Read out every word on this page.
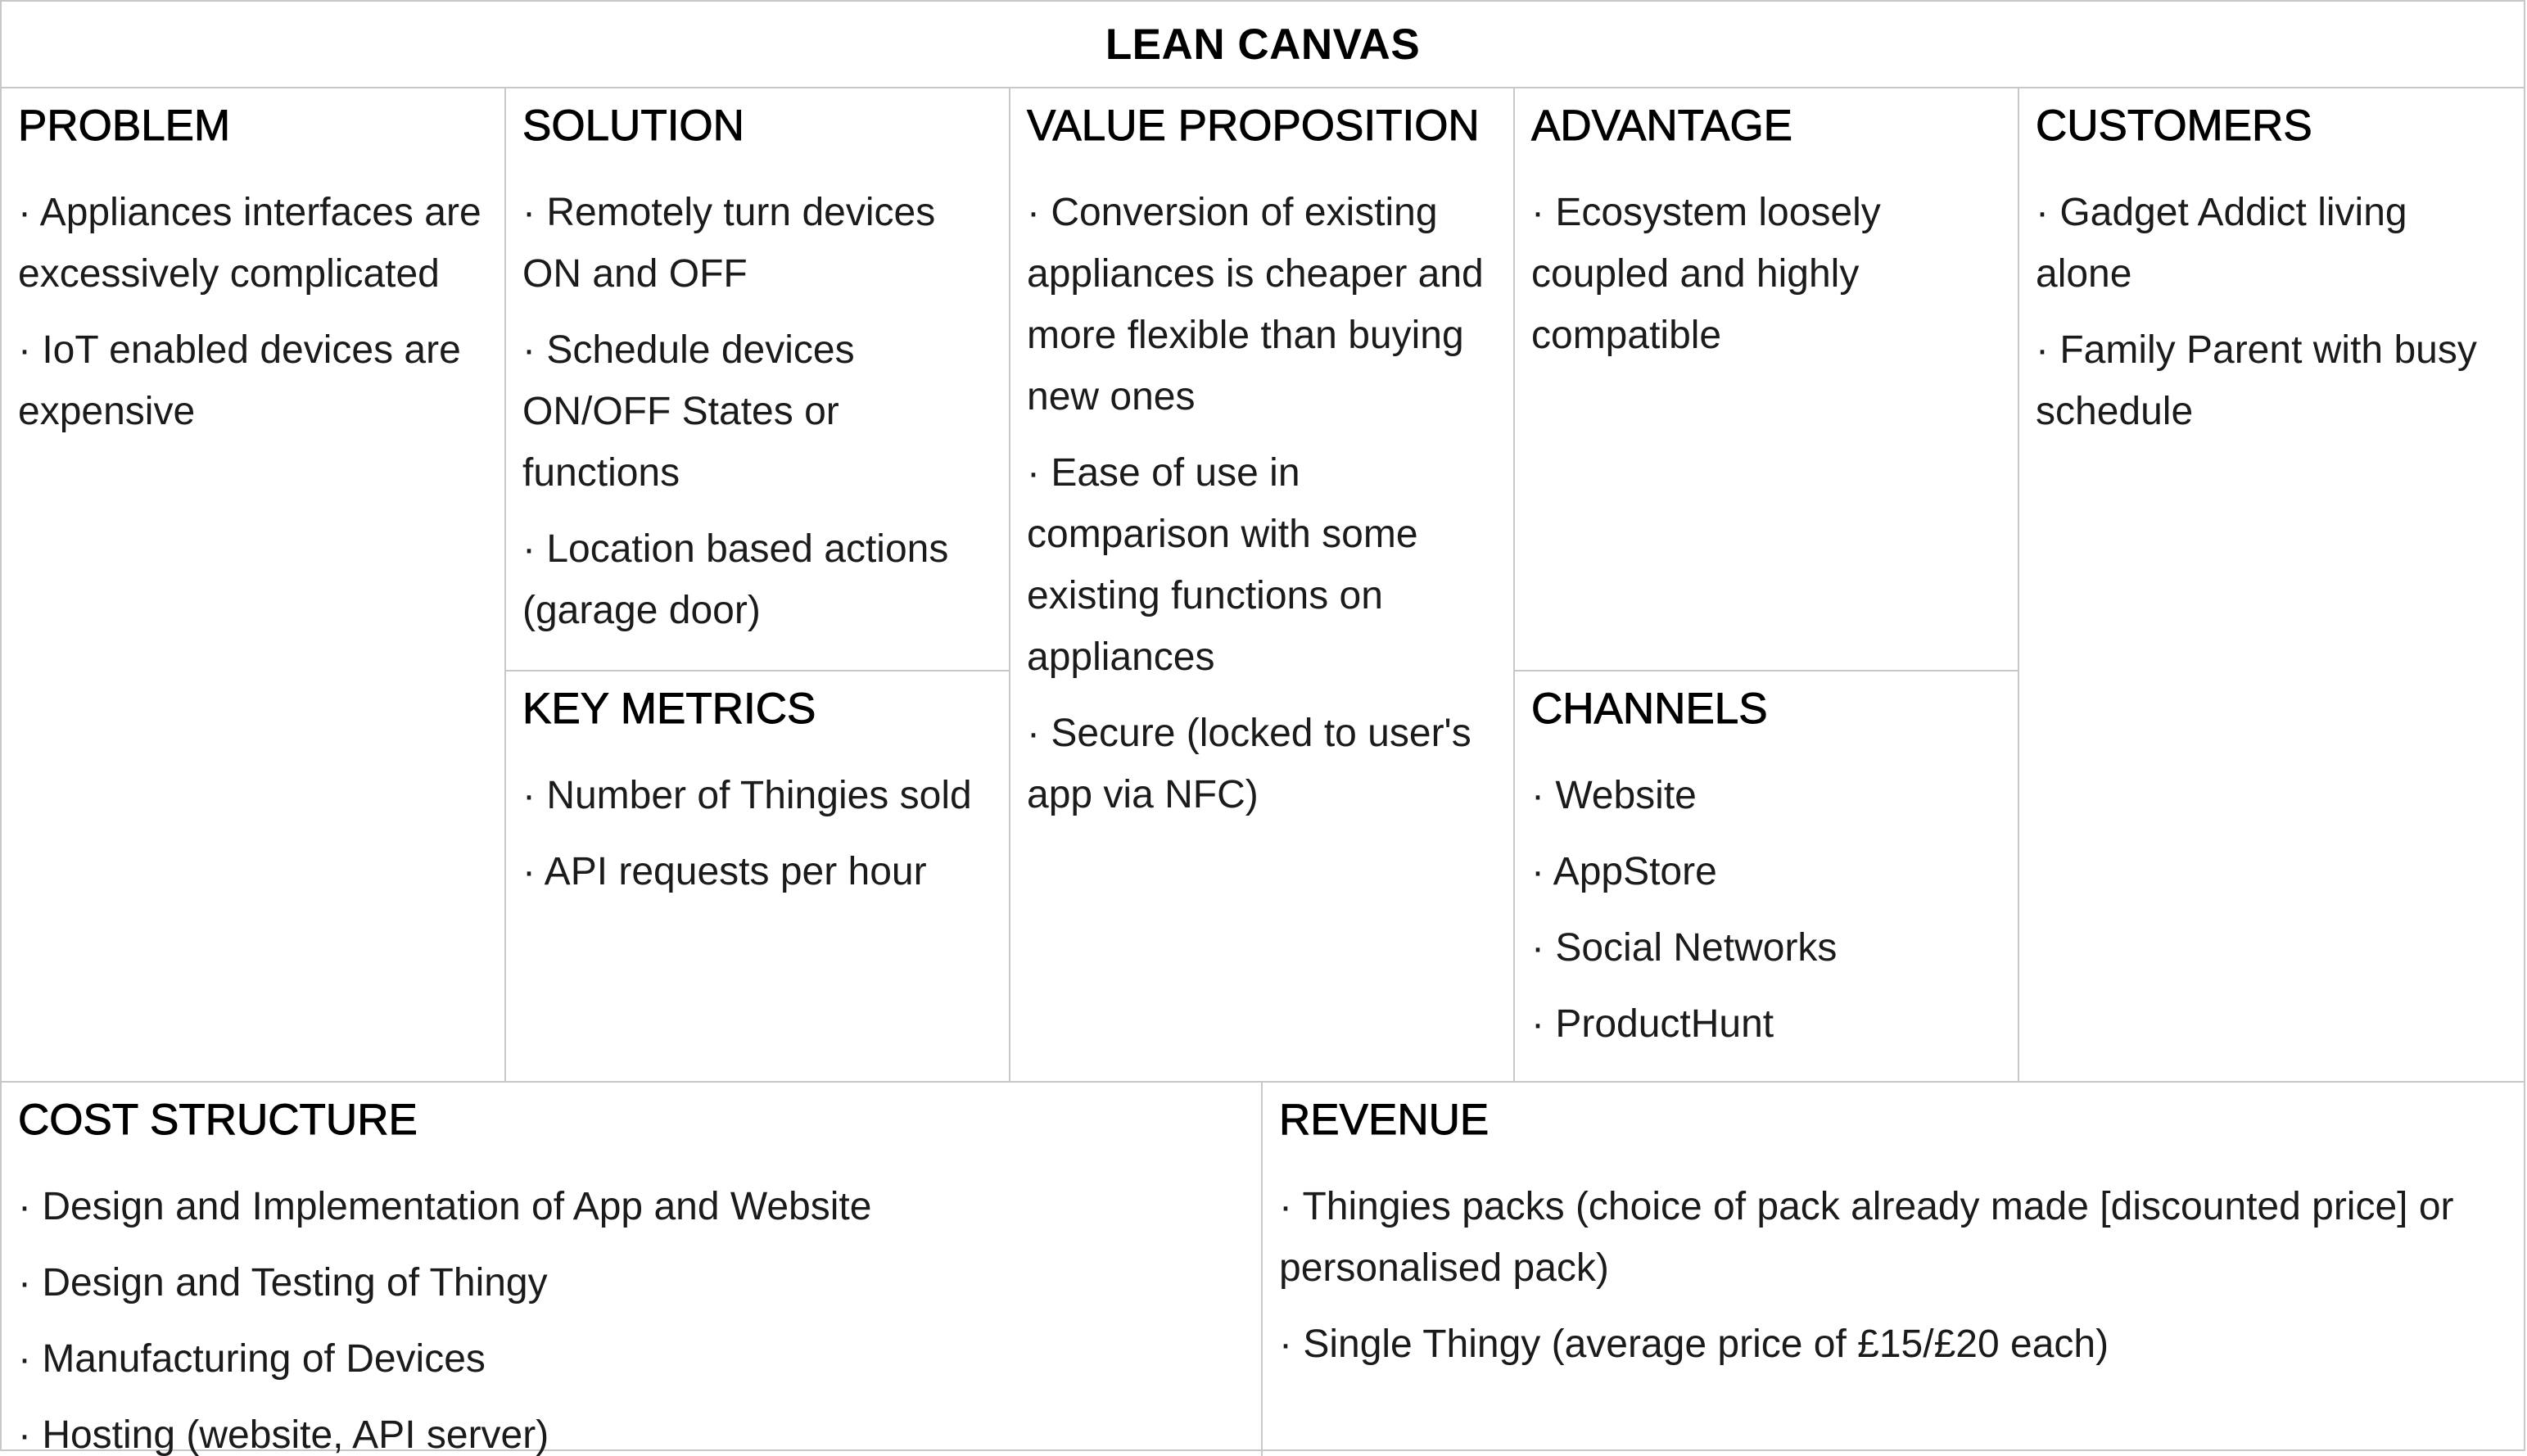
LEAN CANVAS
PROBLEM
· Appliances interfaces are excessively complicated
· IoT enabled devices are expensive
SOLUTION
· Remotely turn devices ON and OFF
· Schedule devices ON/OFF States or functions
· Location based actions (garage door)
KEY METRICS
· Number of Thingies sold
· API requests per hour
VALUE PROPOSITION
· Conversion of existing appliances is cheaper and more flexible than buying new ones
· Ease of use in comparison with some existing functions on appliances
· Secure (locked to user's app via NFC)
ADVANTAGE
· Ecosystem loosely coupled and highly compatible
CHANNELS
· Website
· AppStore
· Social Networks
· ProductHunt
CUSTOMERS
· Gadget Addict living alone
· Family Parent with busy schedule
COST STRUCTURE
· Design and Implementation of App and Website
· Design and Testing of Thingy
· Manufacturing of Devices
· Hosting (website, API server)
REVENUE
· Thingies packs (choice of pack already made [discounted price] or personalised pack)
· Single Thingy (average price of £15/£20 each)
